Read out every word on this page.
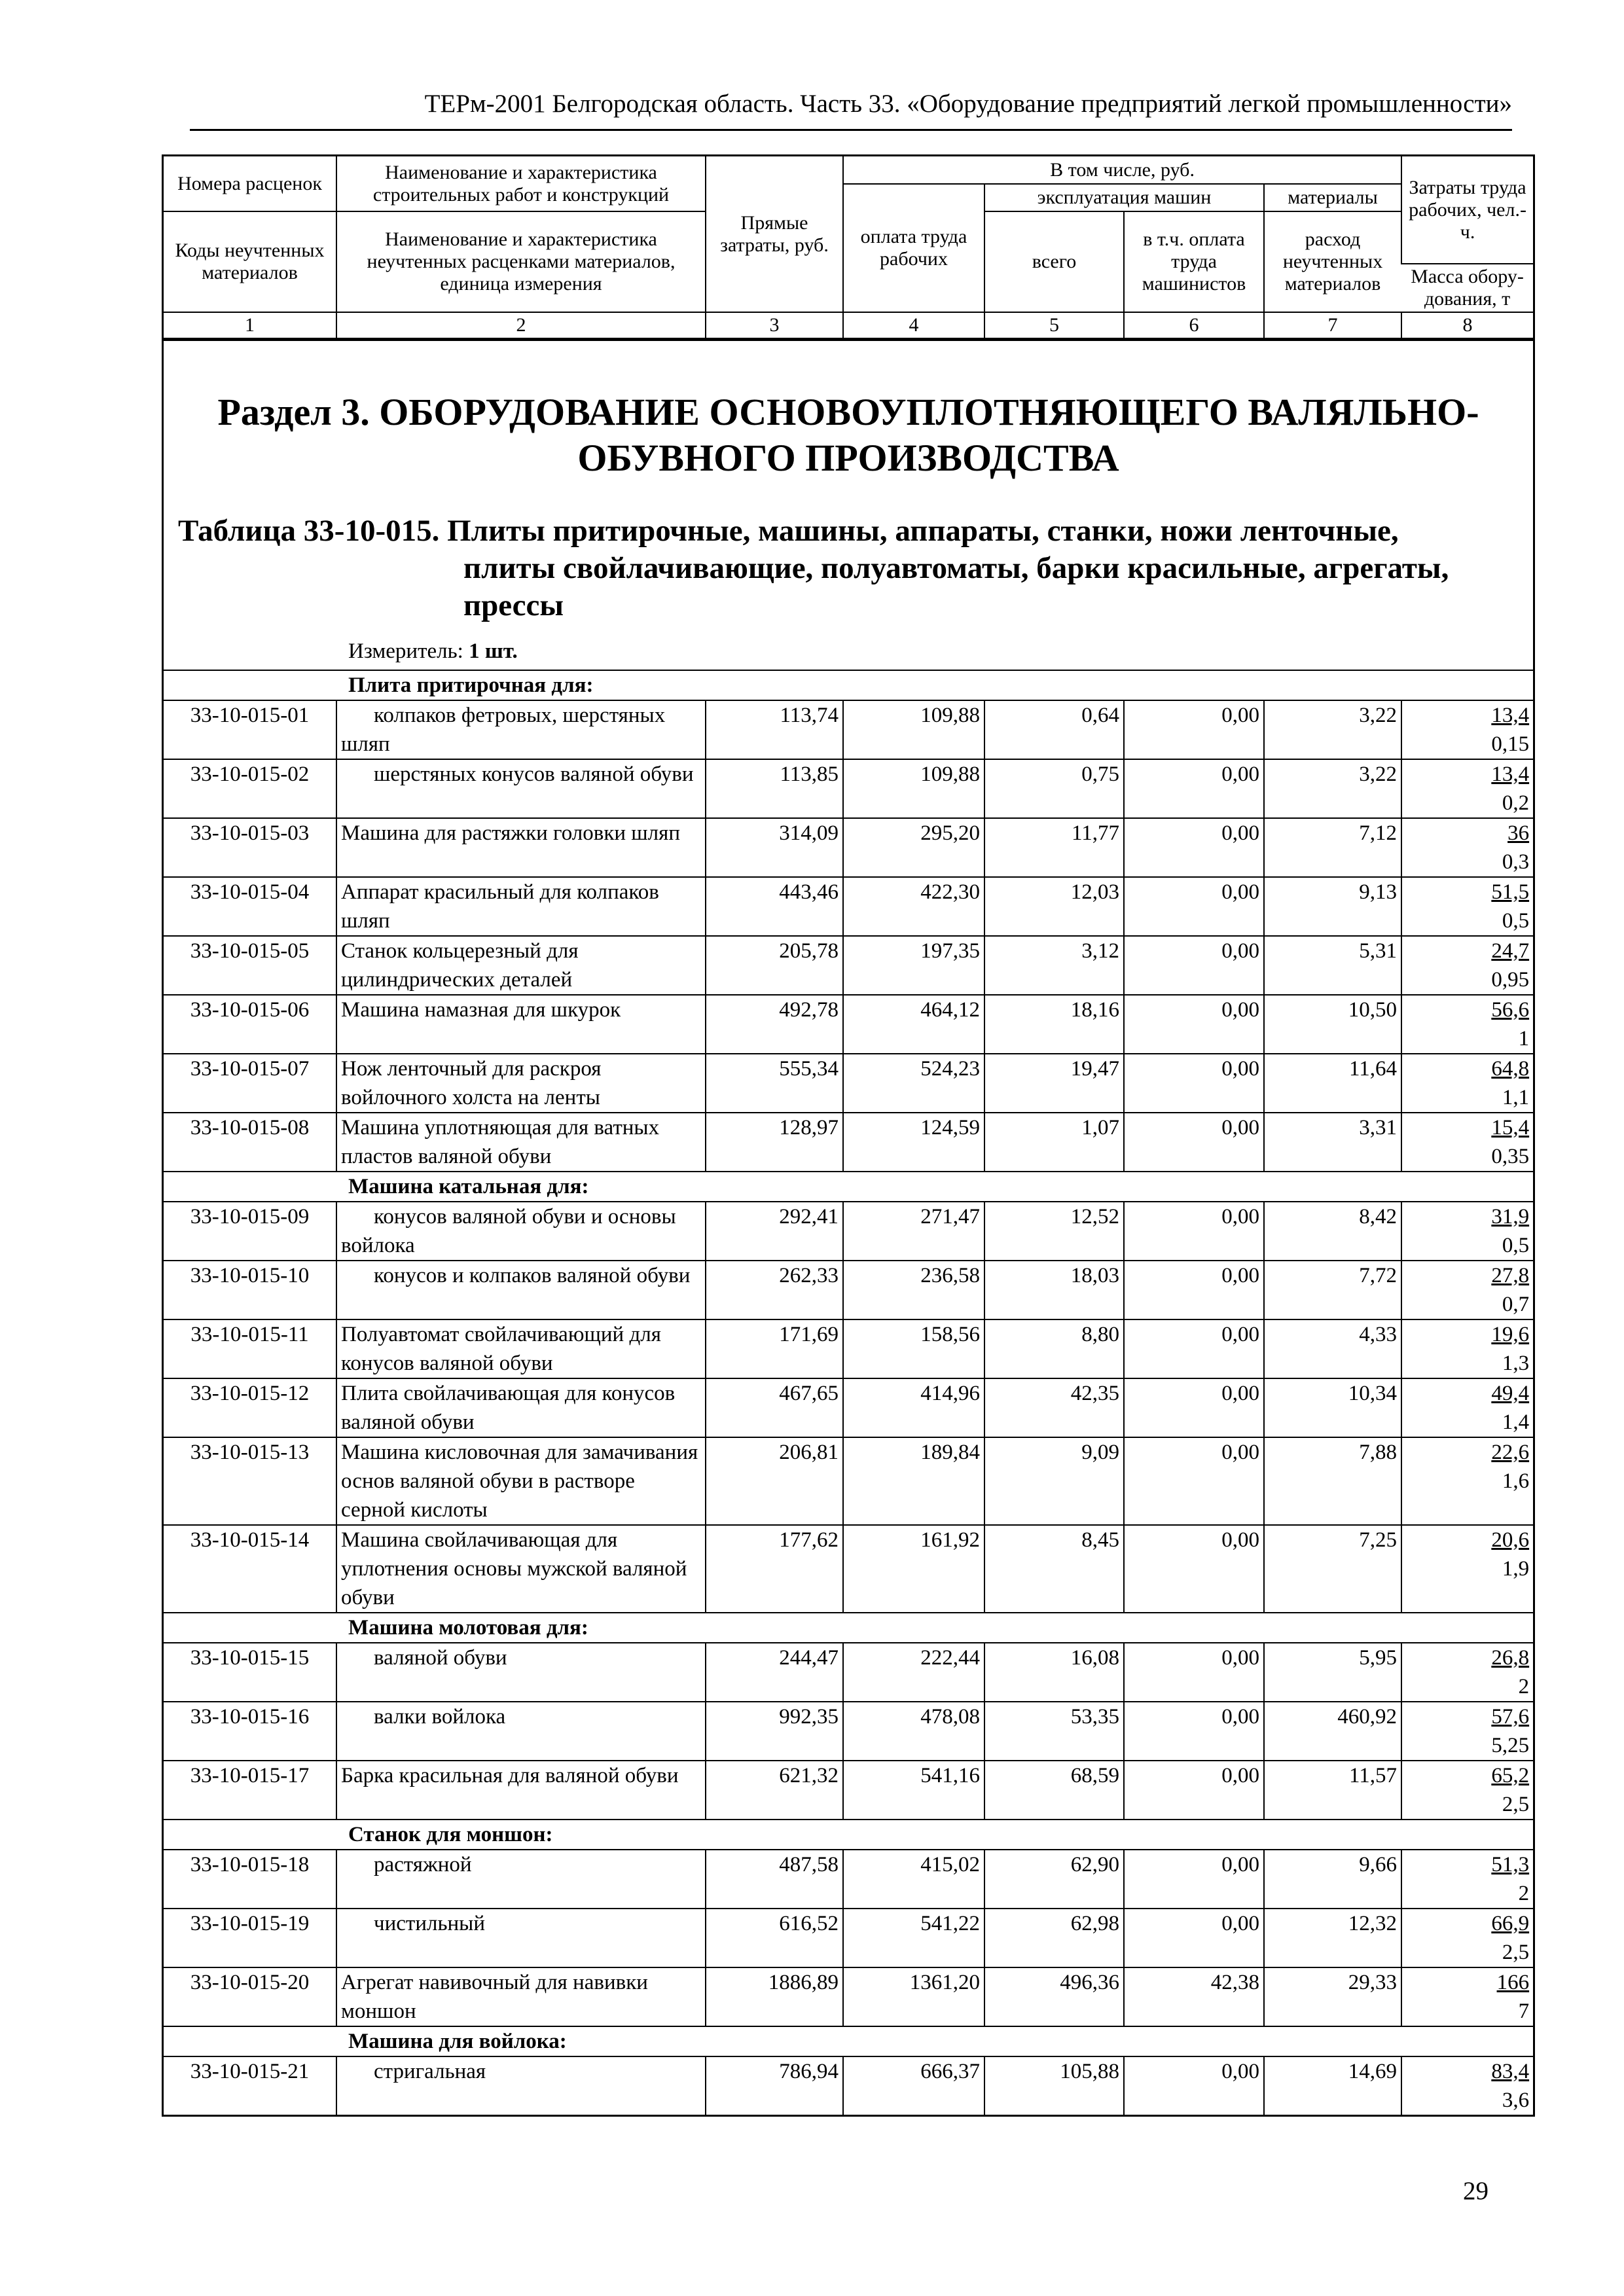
ТЕРм-2001 Белгородская область. Часть 33. «Оборудование предприятий легкой промышленности»
Номера расценок	Наименование и характеристика строительных работ и конструкций	Прямые затраты, руб.	В том числе, руб.				Затраты труда рабочих, чел.-ч.
			оплата труда рабочих	эксплуатация машин		материалы	
Коды неучтенных материалов	Наименование и характеристика неучтенных расценками материалов, единица измерения			всего	в т.ч. оплата труда машинистов	расход неучтенных материалов	
							Масса обору-дования, т
1	2	3	4	5	6	7	8
Раздел 3. ОБОРУДОВАНИЕ ОСНОВОУПЛОТНЯЮЩЕГО ВАЛЯЛЬНО-
ОБУВНОГО ПРОИЗВОДСТВА
Таблица 33-10-015. Плиты притирочные, машины, аппараты, станки, ножи ленточные,
плиты свойлачивающие, полуавтоматы, барки красильные, агрегаты,
прессы
Измеритель: 1 шт.
Плита притирочная для:							
33-10-015-01	колпаков фетровых, шерстяных шляп	113,74	109,88	0,64	0,00	3,22	13,4
0,15

33-10-015-02	шерстяных конусов валяной обуви	113,85	109,88	0,75	0,00	3,22	13,4
0,2

33-10-015-03	Машина для растяжки головки шляп	314,09	295,20	11,77	0,00	7,12	36
0,3

33-10-015-04	Аппарат красильный для колпаков шляп	443,46	422,30	12,03	0,00	9,13	51,5
0,5

33-10-015-05	Станок кольцерезный для цилиндрических деталей	205,78	197,35	3,12	0,00	5,31	24,7
0,95

33-10-015-06	Машина намазная для шкурок	492,78	464,12	18,16	0,00	10,50	56,6
1

33-10-015-07	Нож ленточный для раскроя войлочного холста на ленты	555,34	524,23	19,47	0,00	11,64	64,8
1,1

33-10-015-08	Машина уплотняющая для ватных пластов валяной обуви	128,97	124,59	1,07	0,00	3,31	15,4
0,35

Машина катальная для:							
33-10-015-09	конусов валяной обуви и основы войлока	292,41	271,47	12,52	0,00	8,42	31,9
0,5

33-10-015-10	конусов и колпаков валяной обуви	262,33	236,58	18,03	0,00	7,72	27,8
0,7

33-10-015-11	Полуавтомат свойлачивающий для конусов валяной обуви	171,69	158,56	8,80	0,00	4,33	19,6
1,3

33-10-015-12	Плита свойлачивающая для конусов валяной обуви	467,65	414,96	42,35	0,00	10,34	49,4
1,4

33-10-015-13	Машина кисловочная для замачивания основ валяной обуви в растворе серной кислоты	206,81	189,84	9,09	0,00	7,88	22,6
1,6

33-10-015-14	Машина свойлачивающая для уплотнения основы мужской валяной обуви	177,62	161,92	8,45	0,00	7,25	20,6
1,9

Машина молотовая для:							
33-10-015-15	валяной обуви	244,47	222,44	16,08	0,00	5,95	26,8
2

33-10-015-16	валки войлока	992,35	478,08	53,35	0,00	460,92	57,6
5,25

33-10-015-17	Барка красильная для валяной обуви	621,32	541,16	68,59	0,00	11,57	65,2
2,5

Станок для моншон:							
33-10-015-18	растяжной	487,58	415,02	62,90	0,00	9,66	51,3
2

33-10-015-19	чистильный	616,52	541,22	62,98	0,00	12,32	66,9
2,5

33-10-015-20	Агрегат навивочный для навивки моншон	1886,89	1361,20	496,36	42,38	29,33	166
7

Машина для войлока:							
33-10-015-21	стригальная	786,94	666,37	105,88	0,00	14,69	83,4
3,6

29
